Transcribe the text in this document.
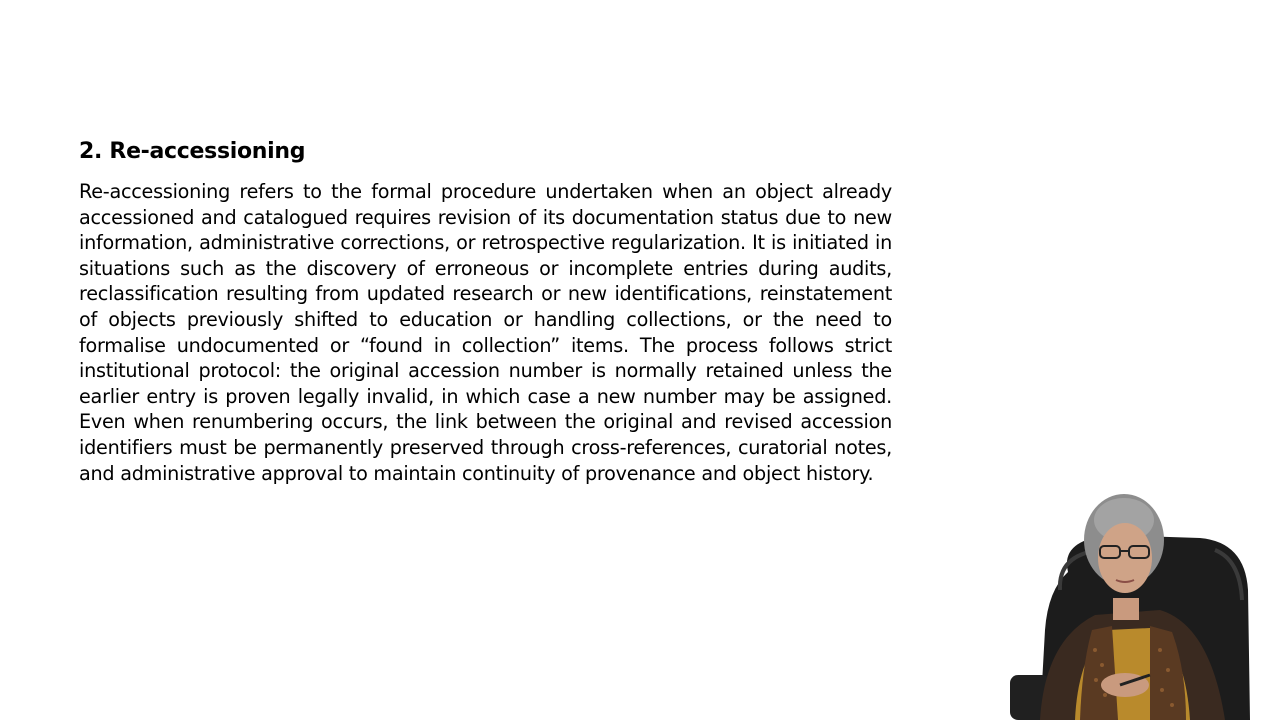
2. Re-accessioning

Re-accessioning refers to the formal procedure undertaken when an object already accessioned and catalogued requires revision of its documentation status due to new information, administrative corrections, or retrospective regularization. It is initiated in situations such as the discovery of erroneous or incomplete entries during audits, reclassification resulting from updated research or new identifications, reinstatement of objects previously shifted to education or handling collections, or the need to formalise undocumented or “found in collection” items. The process follows strict institutional protocol: the original accession number is normally retained unless the earlier entry is proven legally invalid, in which case a new number may be assigned. Even when renumbering occurs, the link between the original and revised accession identifiers must be permanently preserved through cross-references, curatorial notes, and administrative approval to maintain continuity of provenance and object history.
